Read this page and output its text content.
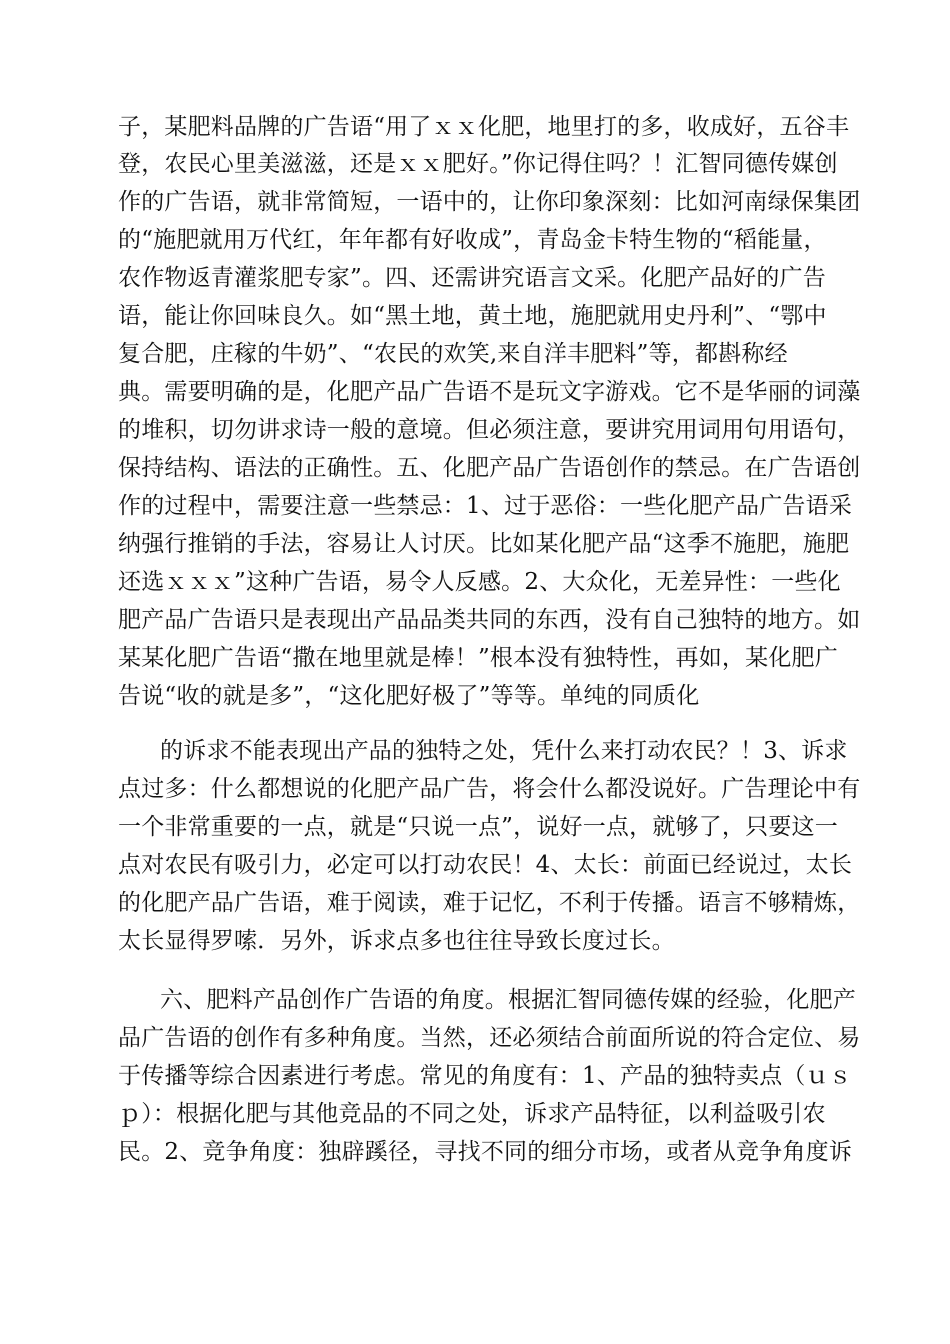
子，某肥料品牌的广告语“用了ｘｘ化肥，地里打的多，收成好，五谷丰
登，农民心里美滋滋，还是ｘｘ肥好。”你记得住吗？！汇智同德传媒创
作的广告语，就非常简短，一语中的，让你印象深刻：比如河南绿保集团
的“施肥就用万代红，年年都有好收成”，青岛金卡特生物的“稻能量，
农作物返青灌浆肥专家”。四、还需讲究语言文采。化肥产品好的广告
语，能让你回味良久。如“黑土地，黄土地，施肥就用史丹利”、“鄂中
复合肥，庄稼的牛奶”、“农民的欢笑,来自洋丰肥料”等，都斟称经
典。需要明确的是，化肥产品广告语不是玩文字游戏。它不是华丽的词藻
的堆积，切勿讲求诗一般的意境。但必须注意，要讲究用词用句用语句，
保持结构、语法的正确性。五、化肥产品广告语创作的禁忌。在广告语创
作的过程中，需要注意一些禁忌：1、过于恶俗：一些化肥产品广告语采
纳强行推销的手法，容易让人讨厌。比如某化肥产品“这季不施肥，施肥
还选ｘｘｘ”这种广告语，易令人反感。2、大众化，无差异性：一些化
肥产品广告语只是表现出产品品类共同的东西，没有自己独特的地方。如
某某化肥广告语“撒在地里就是棒！”根本没有独特性，再如，某化肥广
告说“收的就是多”，“这化肥好极了”等等。单纯的同质化
的诉求不能表现出产品的独特之处，凭什么来打动农民？！3、诉求
点过多：什么都想说的化肥产品广告，将会什么都没说好。广告理论中有
一个非常重要的一点，就是“只说一点”，说好一点，就够了，只要这一
点对农民有吸引力，必定可以打动农民！4、太长：前面已经说过，太长
的化肥产品广告语，难于阅读，难于记忆，不利于传播。语言不够精炼，
太长显得罗嗦．另外，诉求点多也往往导致长度过长。
六、肥料产品创作广告语的角度。根据汇智同德传媒的经验，化肥产
品广告语的创作有多种角度。当然，还必须结合前面所说的符合定位、易
于传播等综合因素进行考虑。常见的角度有：1、产品的独特卖点（ｕｓ
ｐ）：根据化肥与其他竞品的不同之处，诉求产品特征，以利益吸引农
民。2、竞争角度：独辟蹊径，寻找不同的细分市场，或者从竞争角度诉
